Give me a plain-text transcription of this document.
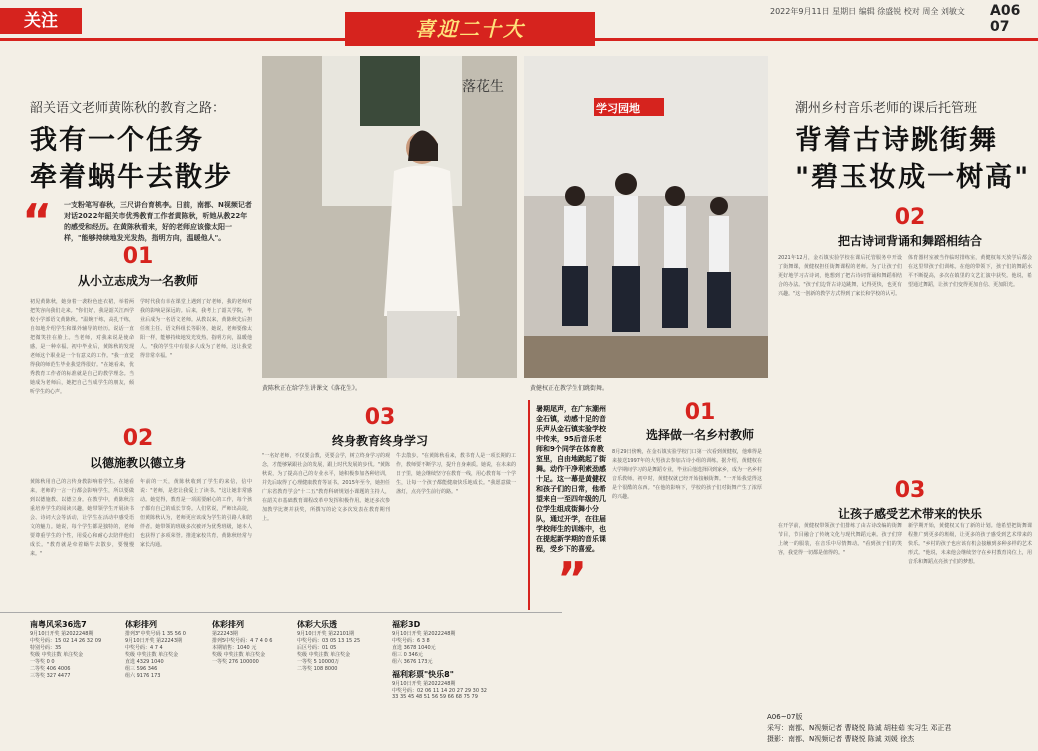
关注	喜迎二十大
2022年9月11日 星期日 编辑 徐盛锐 校对 周全 刘敏文 A06 07
韶关语文老师黄陈秋的教育之路：
我有一个任务
牵着蜗牛去散步
“ 一支粉笔写春秋，三尺讲台育桃李。日前，南都、N视频记者对话2022年韶关市优秀教育工作者黄陈秋，听她从教22年的感受和经历。在黄陈秋看来，好的老师应该像太阳一样，"能够持续地发光发热，指明方向，温暖他人"。
01
从小立志成为一名教师
初见黄陈秋，她身着一袭粉色连衣裙，举着两把笑容向我们走来。"你们好，我是韶关江西学校小学部语文黄陈秋。"温婉干练，高扎干练，自如地介绍学生和课外辅导的经历。说话一直把微笑挂在脸上。当老师，对我来说是使命感，是一种幸福。初中毕业后，黄陈秋的发现老师这个职业是一个有意义的工作。"我一直觉得我的师范生毕业我觉得很好。"在她看来，优秀教育工作者的标准就是自己的教学理念。当她成为老师后，她把自己当成学生的朋友，倾听学生的心声。
学时代我有幸在课堂上遇到了好老师，我的老师对我的影响是深远的。后来，我考上了韶关学院，毕业后成为一名语文老师。从教以来，黄陈秋先后担任班主任、语文科组长等职务，她说，老师要像太阳一样，能够持续地发光发热，指明方向，温暖他人。"我的学生中有很多人成为了老师，这让我觉得非常幸福。"
02
以德施教以德立身
黄陈秋用自己的言传身教影响着学生。在她看来，老师的一言一行都会影响学生，所以要做到以德施教、以德立身。在教学中，黄陈秋注重培养学生的阅读兴趣，她带领学生开展读书会、诗词大会等活动，让学生在活动中感受语文的魅力。她说，每个学生都是独特的，老师要尊重学生的个性，用爱心和耐心去陪伴他们成长。"教育就是牵着蜗牛去散步，要慢慢来。"
年前的一天，黄陈秋收到了学生的来信，信中说："老师，是您让我爱上了读书。"这让她非常感动。她觉得，教育是一项需要耐心的工作，每个孩子都有自己的成长节奏。人们常说，严师出高徒，但黄陈秋认为，老师更应该成为学生的引路人和陪伴者。她带领的班级多次被评为优秀班级，她本人也获得了多项荣誉。推进家校共育，黄陈秋经常与家长沟通。
落花生
黄陈秋正在给学生讲课文《落花生》。
学习园地
黄健权正在教学生们跳街舞。
03
终身教育终身学习
"一名好老师，不仅要会教，更要会学，树立终身学习的观念，才能够紧跟社会的发展，跟上时代发展的步伐。"黄陈秋说，为了提高自己的专业水平，她积极参加各种培训，并先后取得了心理健康教育等证书。2015年至今，她担任广东省教育学会"十二五"教育科研规划小课题的主持人，在韶关市基础教育课程改革中发挥积极作用。她还多次参加教学比赛并获奖，所撰写的论文多次发表在教育期刊上。
牛去散步。"在黄陈秋看来，教书育人是一项长期的工作，教师要不断学习，提升自身素质。她说，在未来的日子里，她会继续坚守在教育一线，用心教育每一个学生，让每一个孩子都能健康快乐地成长。"我愿意做一盏灯，点亮学生前行的路。"
暑期尾声，在广东潮州金石镇，动感十足的音乐声从金石镇实验学校中传来，95后音乐老师和9个同学在体育教室里，自由地跳起了街舞。动作干净利索劲感十足。这一幕是黄健权和孩子们的日常，他希望来自一至四年级的几位学生组成街舞小分队，通过开学，在往届学校师生的训练中，也在提起新学期的音乐课程，受乡下的喜爱。
”
潮州乡村音乐老师的课后托管班
背着古诗跳街舞
"碧玉妆成一树高"
01
选择做一名乡村教师
8月29日傍晚，在金石镇实验学校门口第一次看到黄健权，他难得是来接送1997年的大男孩去参加古诗小组的训练。据介绍，黄健权在大学期间学习的是舞蹈专业，毕业后他选择回到家乡，成为一名乡村音乐教师。初中时，黄健权就已经开始接触街舞。"一开始我觉得这是个很酷的东西。"在他的影响下，学校的孩子们对街舞产生了浓厚的兴趣。
02
把古诗词背诵和舞蹈相结合
2021年12月，金石镇实验学校在课后托管服务中开设了街舞课，黄健权担任街舞课程的老师。为了让孩子们更好地学习古诗词，他想到了把古诗词背诵和舞蹈相结合的办法。"孩子们边背古诗边跳舞，记得更快，也更有兴趣。"这一创新的教学方式得到了家长和学校的认可。
体育器材室被当作临时排练室，黄健权每天放学后都会在这里带孩子们训练。在他的带领下，孩子们的舞蹈水平不断提高，多次在镇里的文艺汇演中获奖。他说，希望通过舞蹈，让孩子们变得更加自信、更加阳光。
03
让孩子感受艺术带来的快乐
在开学前，黄健权带领孩子们排练了由古诗改编的街舞节目，节目融合了传统文化与现代舞蹈元素。孩子们穿上统一的服装，在音乐中尽情舞动。"看到孩子们的笑容，我觉得一切都是值得的。"
新学期开始，黄健权又有了新的计划。他希望把街舞课程推广到更多的班级，让更多的孩子感受到艺术带来的快乐。"乡村的孩子也应该有机会接触到多种多样的艺术形式。"他说，未来他会继续坚守在乡村教育岗位上，用音乐和舞蹈点亮孩子们的梦想。
南粤风采36选7
9月10日开奖 第2022248期
中奖号码：15 02 14 26 32 09
特别号码：35
奖级 中奖注数 单注奖金
一等奖 0 0
二等奖 406 4006
三等奖 327 4477
体彩排列
排列3"中奖号码 1 35 56 0
9月10日开奖 第22243期
中奖号码：4 7 4
奖级 中奖注数 单注奖金
直选 4329 1040
组三 596 346
组六 9176 173
体彩排列
第22243期
排列5中奖号码：4 7 4 0 6
本期销售：1040 元
奖级 中奖注数 单注奖金
一等奖 276 100000
体彩大乐透
9月10日开奖 第22101期
中奖号码：03 05 13 15 25
后区号码：01 05
奖级 中奖注数 单注奖金
一等奖 5 10000万
二等奖 108 8000
福彩3D
9月10日开奖 第2022248期
中奖号码：6 3 8
直选 3678 1040元
组三 0 346元
组六 3676 173元
福利彩票"快乐8"
9月10日开奖 第2022248期
中奖号码：02 06 11 14 20 27 29 30 32
33 35 45 48 51 56 59 66 68 75 79
A06~07版
采写：南都、N视频记者 曹晓悦 陈诚 胡桂茹 实习生 邓正君
摄影：南都、N视频记者 曹晓悦 陈诚 刘媛 徐杰
